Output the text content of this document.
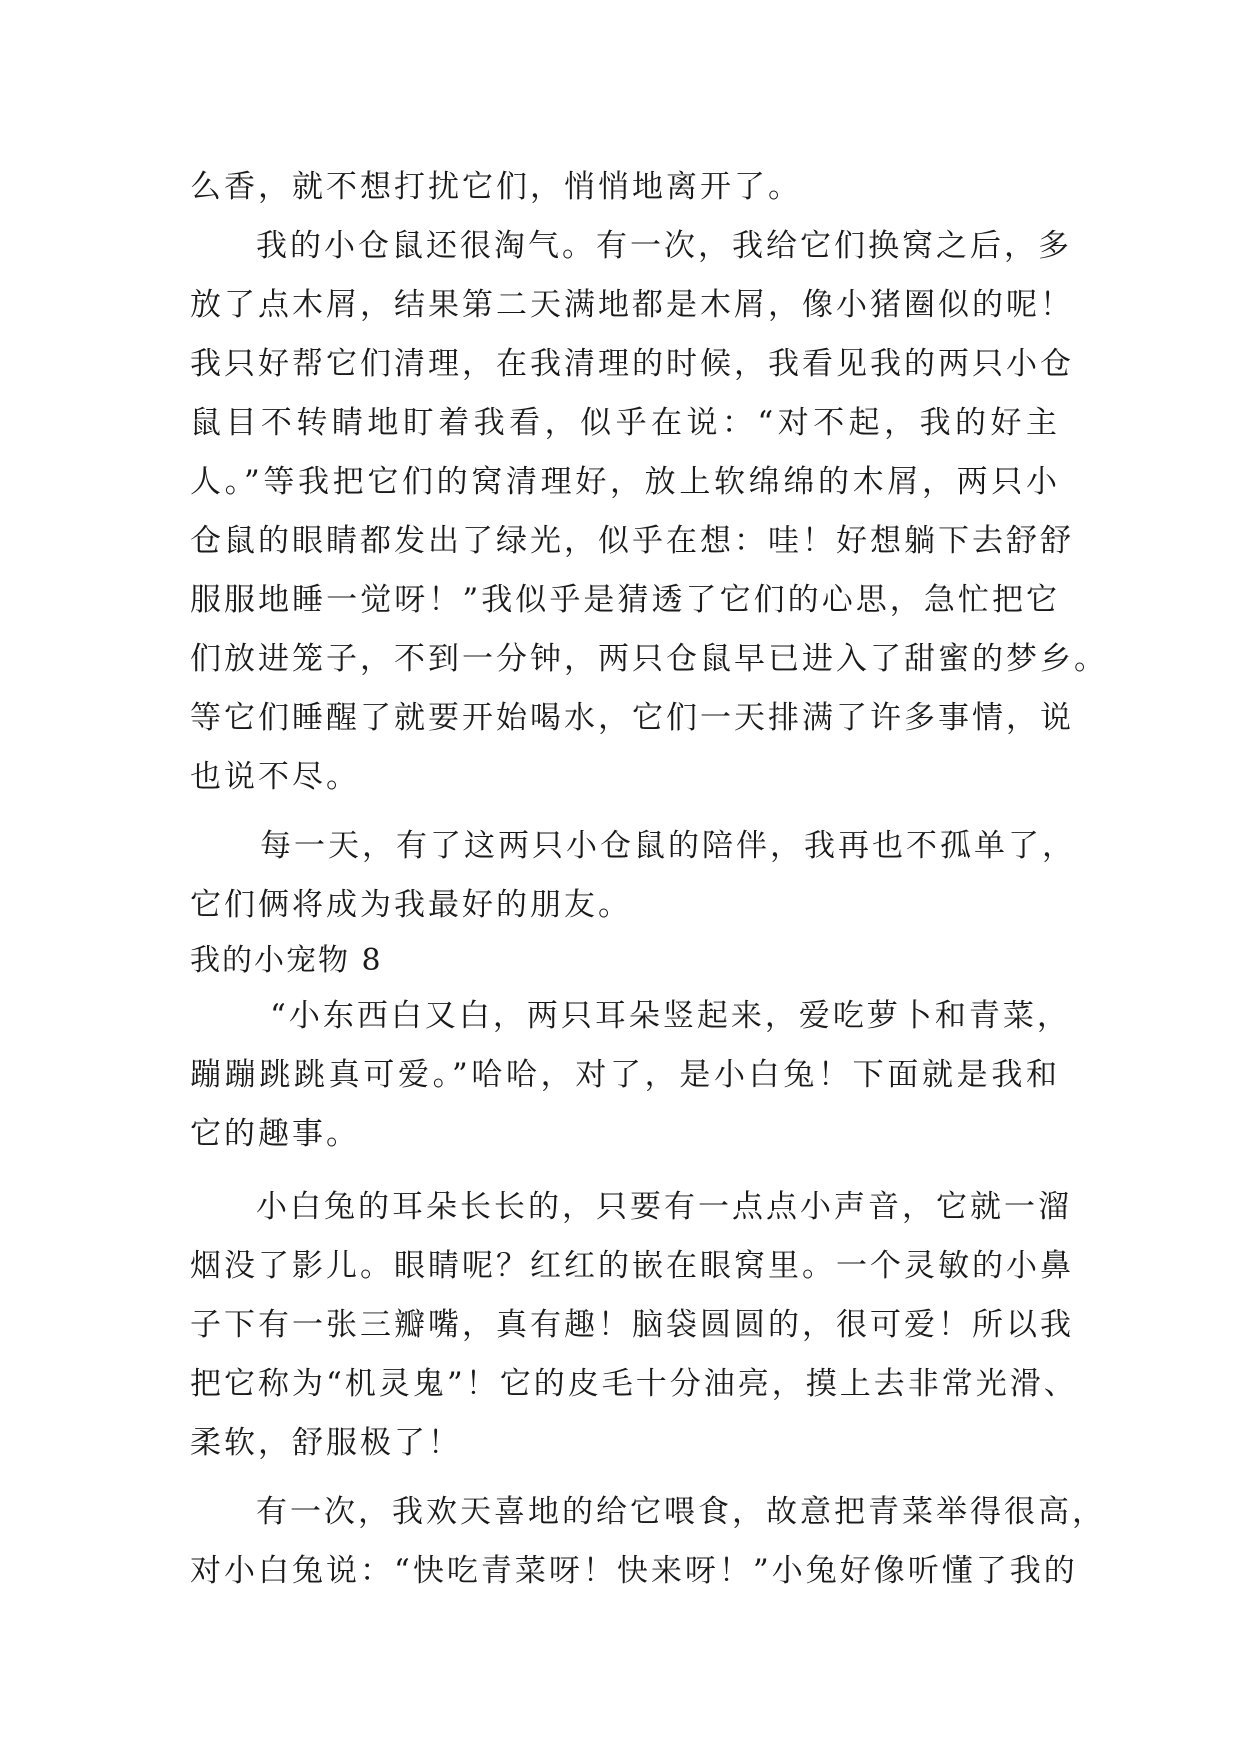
么香，就不想打扰它们，悄悄地离开了。
我的小仓鼠还很淘气。有一次，我给它们换窝之后，多
放了点木屑，结果第二天满地都是木屑，像小猪圈似的呢！
我只好帮它们清理，在我清理的时候，我看见我的两只小仓
鼠目不转睛地盯着我看，似乎在说：“对不起，我的好主
人。”等我把它们的窝清理好，放上软绵绵的木屑，两只小
仓鼠的眼睛都发出了绿光，似乎在想：哇！好想躺下去舒舒
服服地睡一觉呀！”我似乎是猜透了它们的心思，急忙把它
们放进笼子，不到一分钟，两只仓鼠早已进入了甜蜜的梦乡。
等它们睡醒了就要开始喝水，它们一天排满了许多事情，说
也说不尽。
每一天，有了这两只小仓鼠的陪伴，我再也不孤单了，
它们俩将成为我最好的朋友。
我的小宠物 8
“小东西白又白，两只耳朵竖起来，爱吃萝卜和青菜，
蹦蹦跳跳真可爱。”哈哈，对了，是小白兔！下面就是我和
它的趣事。
小白兔的耳朵长长的，只要有一点点小声音，它就一溜
烟没了影儿。眼睛呢？红红的嵌在眼窝里。一个灵敏的小鼻
子下有一张三瓣嘴，真有趣！脑袋圆圆的，很可爱！所以我
把它称为“机灵鬼”！它的皮毛十分油亮，摸上去非常光滑、
柔软，舒服极了！
有一次，我欢天喜地的给它喂食，故意把青菜举得很高，
对小白兔说：“快吃青菜呀！快来呀！”小兔好像听懂了我的
